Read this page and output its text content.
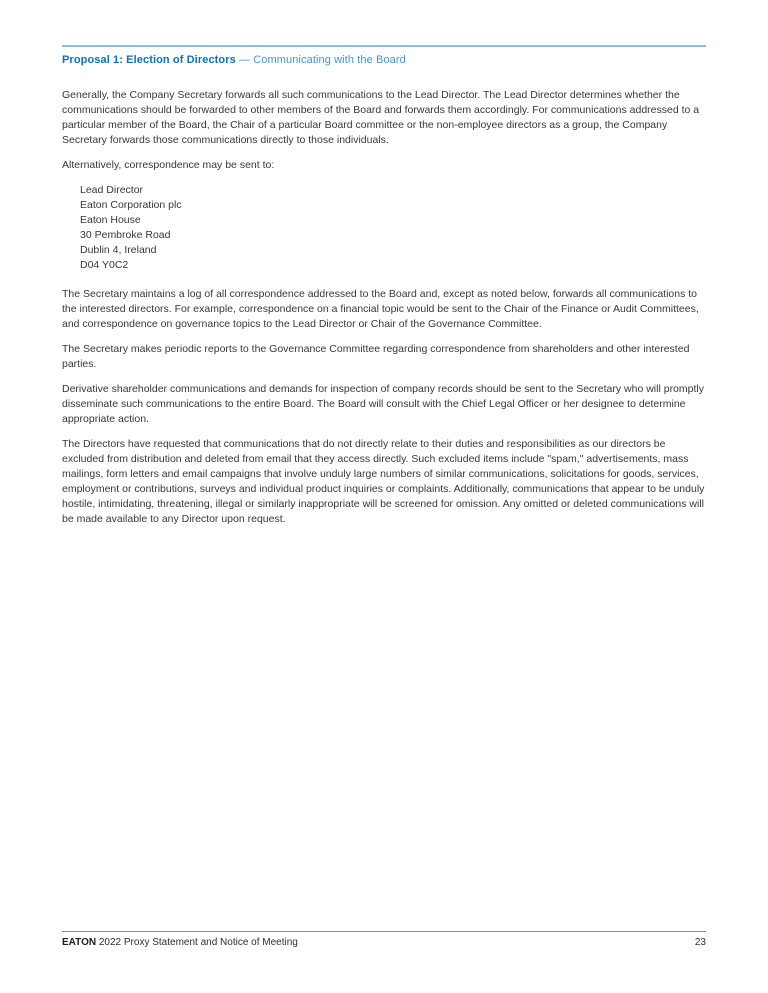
Proposal 1: Election of Directors — Communicating with the Board

Generally, the Company Secretary forwards all such communications to the Lead Director. The Lead Director determines whether the communications should be forwarded to other members of the Board and forwards them accordingly. For communications addressed to a particular member of the Board, the Chair of a particular Board committee or the non-employee directors as a group, the Company Secretary forwards those communications directly to those individuals.

Alternatively, correspondence may be sent to:

Lead Director
Eaton Corporation plc
Eaton House
30 Pembroke Road
Dublin 4, Ireland
D04 Y0C2

The Secretary maintains a log of all correspondence addressed to the Board and, except as noted below, forwards all communications to the interested directors. For example, correspondence on a financial topic would be sent to the Chair of the Finance or Audit Committees, and correspondence on governance topics to the Lead Director or Chair of the Governance Committee.

The Secretary makes periodic reports to the Governance Committee regarding correspondence from shareholders and other interested parties.

Derivative shareholder communications and demands for inspection of company records should be sent to the Secretary who will promptly disseminate such communications to the entire Board. The Board will consult with the Chief Legal Officer or her designee to determine appropriate action.

The Directors have requested that communications that do not directly relate to their duties and responsibilities as our directors be excluded from distribution and deleted from email that they access directly. Such excluded items include "spam," advertisements, mass mailings, form letters and email campaigns that involve unduly large numbers of similar communications, solicitations for goods, services, employment or contributions, surveys and individual product inquiries or complaints. Additionally, communications that appear to be unduly hostile, intimidating, threatening, illegal or similarly inappropriate will be screened for omission. Any omitted or deleted communications will be made available to any Director upon request.

EATON 2022 Proxy Statement and Notice of Meeting	23
